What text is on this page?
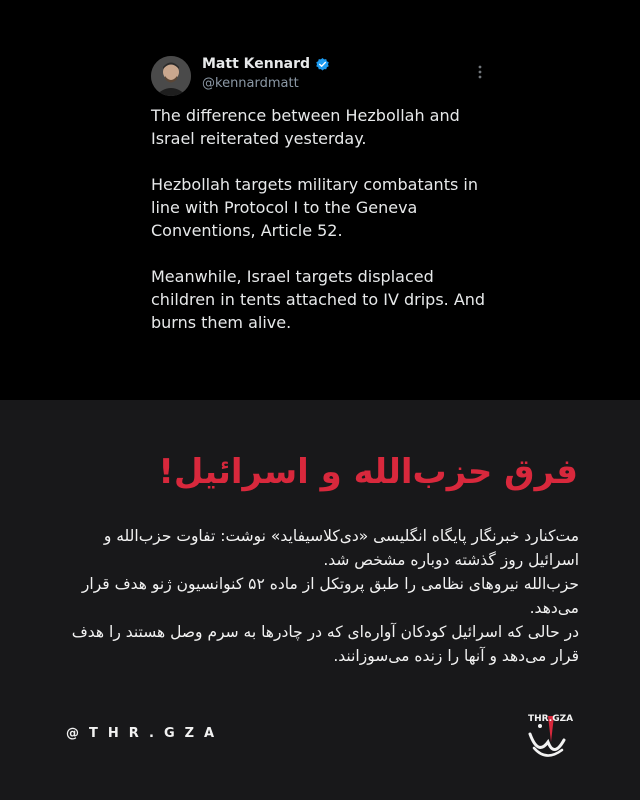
Matt Kennard
@kennardmatt

The difference between Hezbollah and Israel reiterated yesterday.

Hezbollah targets military combatants in line with Protocol I to the Geneva Conventions, Article 52.

Meanwhile, Israel targets displaced children in tents attached to IV drips. And burns them alive.

فرق حزب‌الله و اسرائیل!

مت‌کنارد خبرنگار پایگاه انگلیسی «دی‌کلاسیفاید» نوشت: تفاوت حزب‌الله و اسرائیل روز گذشته دوباره مشخص شد.

حزب‌الله نیروهای نظامی را طبق پروتکل از ماده ۵۲ کنوانسیون ژنو هدف قرار می‌دهد.

در حالی که اسرائیل کودکان آواره‌ای که در چادرها به سرم وصل هستند را هدف قرار می‌دهد و آنها را زنده می‌سوزانند.

@ THR.GZA
THR.GZA
